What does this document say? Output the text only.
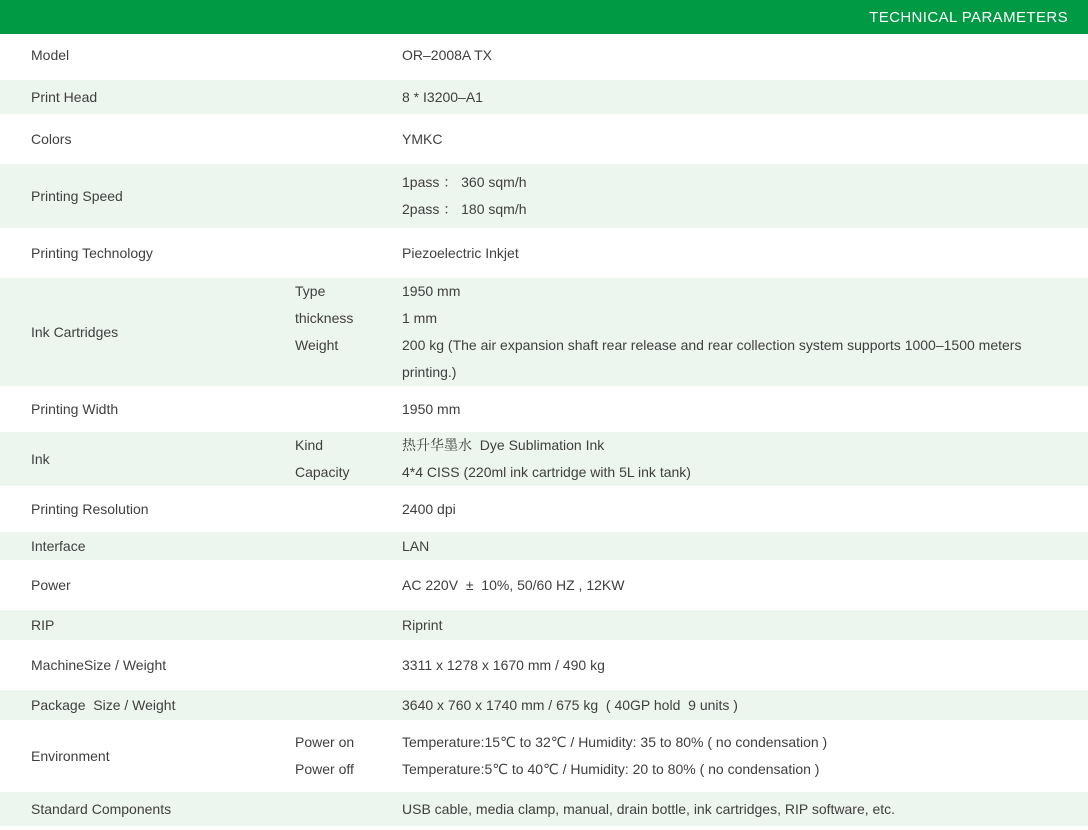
TECHNICAL PARAMETERS
Model	OR–2008A TX
Print Head	8 * I3200–A1
Colors	YMKC
Printing Speed
1pass ： 360 sqm/h
2pass ： 180 sqm/h
Printing Technology	Piezoelectric Inkjet
Ink Cartridges
Type	1950 mm
thickness	1 mm
Weight	200 kg (The air expansion shaft rear release and rear collection system supports 1000–1500 meters printing.)
Printing Width	1950 mm
Ink
Kind	热升华墨水  Dye Sublimation Ink
Capacity	4*4 CISS (220ml ink cartridge with 5L ink tank)
Printing Resolution	2400 dpi
Interface	LAN
Power	AC 220V  ±  10%, 50/60 HZ , 12KW
RIP	Riprint
MachineSize / Weight	3311 x 1278 x 1670 mm / 490 kg
Package  Size / Weight	3640 x 760 x 1740 mm / 675 kg  ( 40GP hold  9 units )
Environment
Power on	Temperature:15℃ to 32℃ / Humidity: 35 to 80% ( no condensation )
Power off	Temperature:5℃ to 40℃ / Humidity: 20 to 80% ( no condensation )
Standard Components	USB cable, media clamp, manual, drain bottle, ink cartridges, RIP software, etc.
